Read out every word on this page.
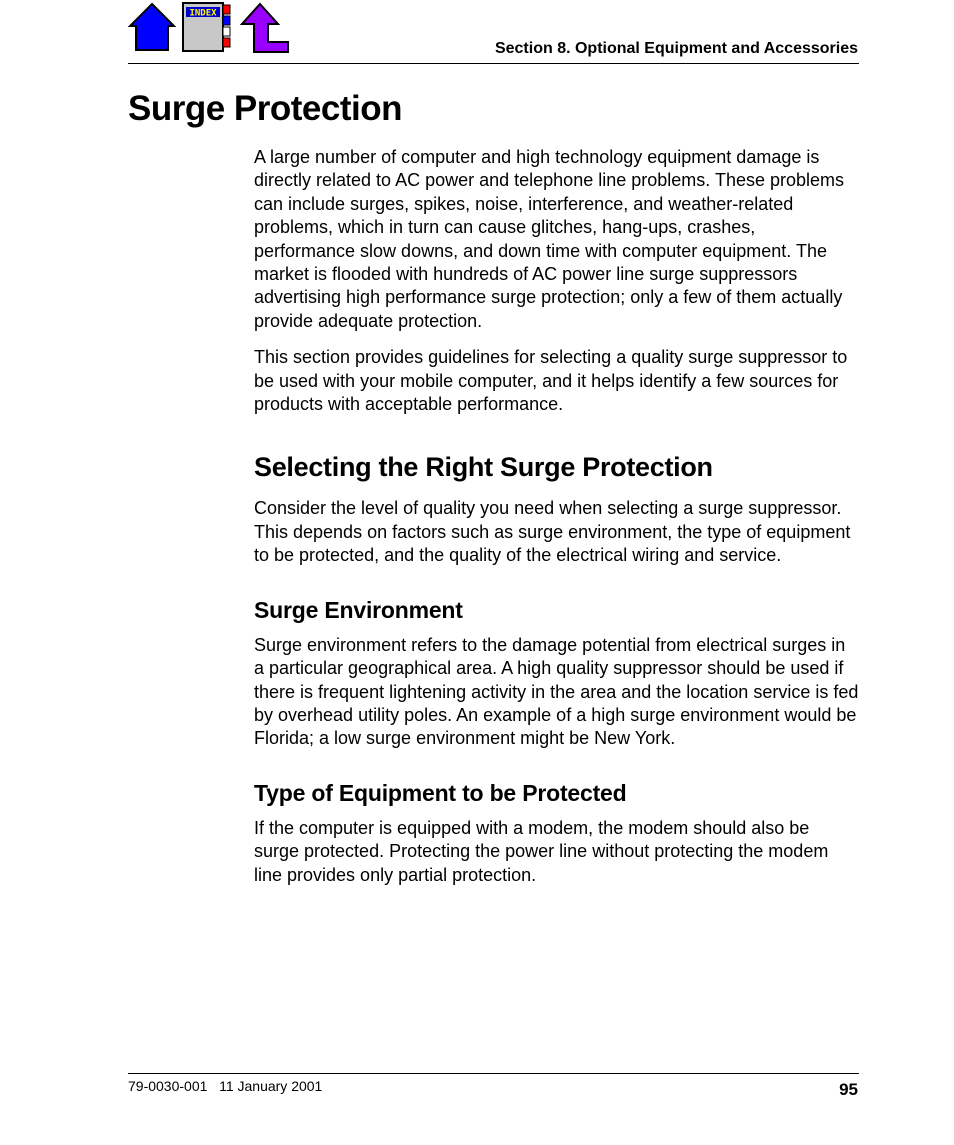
INDEX
Section 8. Optional Equipment and Accessories
Surge Protection

A large number of computer and high technology equipment damage is directly related to AC power and telephone line problems. These problems can include surges, spikes, noise, interference, and weather-related problems, which in turn can cause glitches, hang-ups, crashes, performance slow downs, and down time with computer equipment. The market is flooded with hundreds of AC power line surge suppressors advertising high performance surge protection; only a few of them actually provide adequate protection.

This section provides guidelines for selecting a quality surge suppressor to be used with your mobile computer, and it helps identify a few sources for products with acceptable performance.

Selecting the Right Surge Protection

Consider the level of quality you need when selecting a surge suppressor. This depends on factors such as surge environment, the type of equipment to be protected, and the quality of the electrical wiring and service.

Surge Environment

Surge environment refers to the damage potential from electrical surges in a particular geographical area. A high quality suppressor should be used if there is frequent lightening activity in the area and the location service is fed by overhead utility poles. An example of a high surge environment would be Florida; a low surge environment might be New York.

Type of Equipment to be Protected

If the computer is equipped with a modem, the modem should also be surge protected. Protecting the power line without protecting the modem line provides only partial protection.

79-0030-001   11 January 2001	95
